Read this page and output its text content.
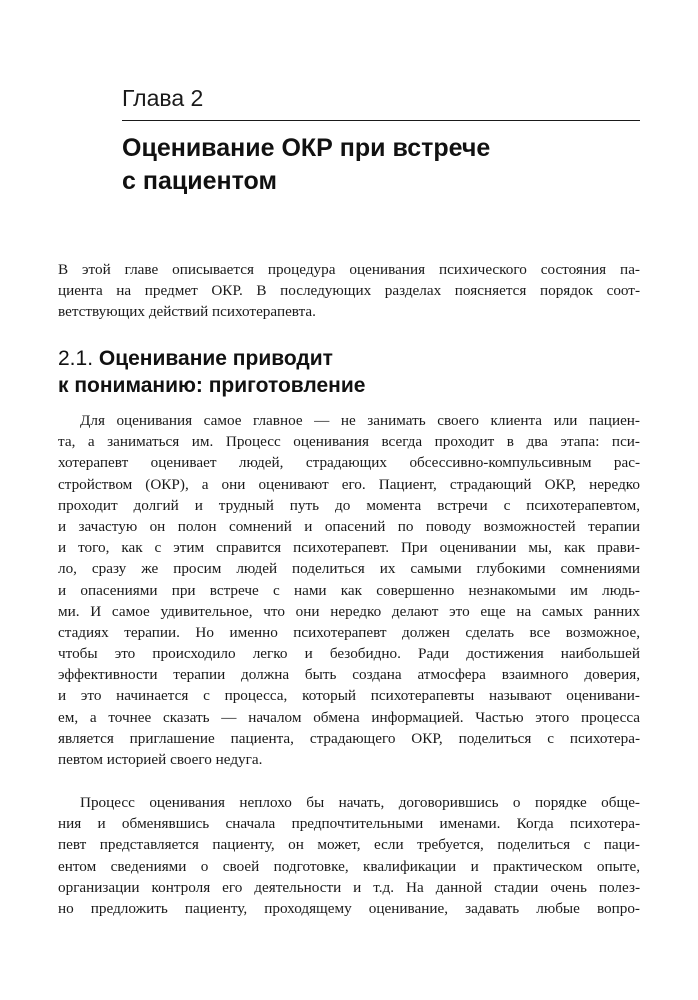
Глава 2
Оценивание ОКР при встрече
с пациентом
В этой главе описывается процедура оценивания психического состояния па-
циента на предмет ОКР. В последующих разделах поясняется порядок соот-
ветствующих действий психотерапевта.
2.1. Оценивание приводит
к пониманию: приготовление
Для оценивания самое главное — не занимать своего клиента или пациен-
та, а заниматься им. Процесс оценивания всегда проходит в два этапа: пси-
хотерапевт оценивает людей, страдающих обсессивно-компульсивным рас-
стройством (ОКР), а они оценивают его. Пациент, страдающий ОКР, нередко
проходит долгий и трудный путь до момента встречи с психотерапевтом,
и зачастую он полон сомнений и опасений по поводу возможностей терапии
и того, как с этим справится психотерапевт. При оценивании мы, как прави-
ло, сразу же просим людей поделиться их самыми глубокими сомнениями
и опасениями при встрече с нами как совершенно незнакомыми им людь-
ми. И самое удивительное, что они нередко делают это еще на самых ранних
стадиях терапии. Но именно психотерапевт должен сделать все возможное,
чтобы это происходило легко и безобидно. Ради достижения наибольшей
эффективности терапии должна быть создана атмосфера взаимного доверия,
и это начинается с процесса, который психотерапевты называют оценивани-
ем, а точнее сказать — началом обмена информацией. Частью этого процесса
является приглашение пациента, страдающего ОКР, поделиться с психотера-
певтом историей своего недуга.
Процесс оценивания неплохо бы начать, договорившись о порядке обще-
ния и обменявшись сначала предпочтительными именами. Когда психотера-
певт представляется пациенту, он может, если требуется, поделиться с паци-
ентом сведениями о своей подготовке, квалификации и практическом опыте,
организации контроля его деятельности и т.д. На данной стадии очень полез-
но предложить пациенту, проходящему оценивание, задавать любые вопро-
